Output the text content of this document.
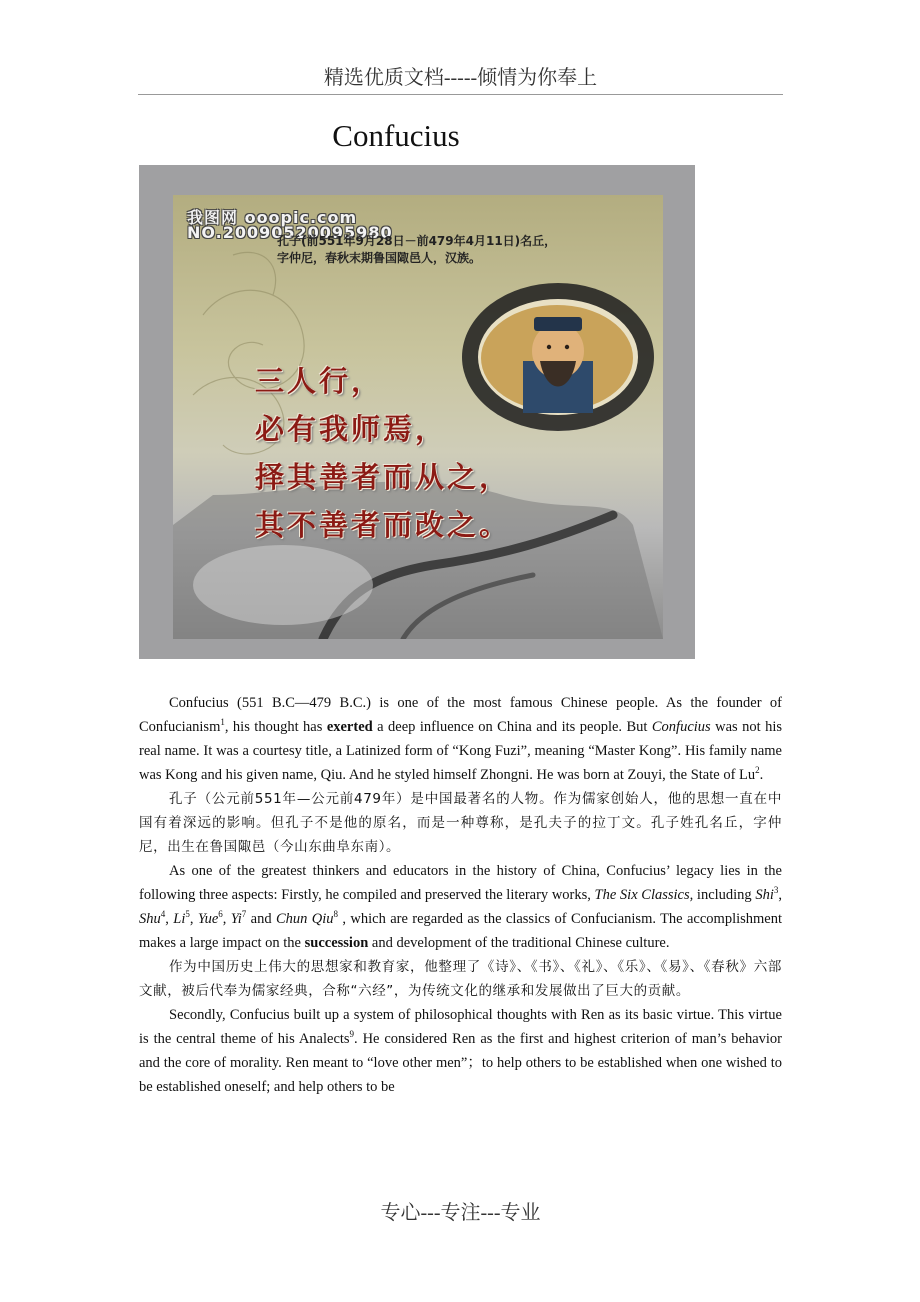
精选优质文档-----倾情为你奉上
Confucius
我图网 ooopic.com
NO.20090520095980
孔子(前551年9月28日－前479年4月11日)名丘，
字仲尼，春秋末期鲁国陬邑人，汉族。
三人行，
必有我师焉，
择其善者而从之，
其不善者而改之。

Confucius (551 B.C—479 B.C.) is one of the most famous Chinese people. As the founder of Confucianism$^1$, his thought has exerted a deep influence on China and its people. But Confucius was not his real name. It was a courtesy title, a Latinized form of “Kong Fuzi”, meaning “Master Kong”. His family name was Kong and his given name, Qiu. And he styled himself Zhongni. He was born at Zouyi, the State of Lu$^2$.

孔子（公元前551年—公元前479年）是中国最著名的人物。作为儒家创始人，他的思想一直在中国有着深远的影响。但孔子不是他的原名，而是一种尊称，是孔夫子的拉丁文。孔子姓孔名丘，字仲尼，出生在鲁国陬邑（今山东曲阜东南）。

As one of the greatest thinkers and educators in the history of China, Confucius’ legacy lies in the following three aspects: Firstly, he compiled and preserved the literary works, The Six Classics, including Shi$^3$, Shu$^4$, Li$^5$, Yue$^6$, Yi$^7$ and Chun Qiu$^8$ , which are regarded as the classics of Confucianism. The accomplishment makes a large impact on the succession and development of the traditional Chinese culture.

作为中国历史上伟大的思想家和教育家，他整理了《诗》、《书》、《礼》、《乐》、《易》、《春秋》六部文献，被后代奉为儒家经典，合称“六经”，为传统文化的继承和发展做出了巨大的贡献。

Secondly, Confucius built up a system of philosophical thoughts with Ren as its basic virtue. This virtue is the central theme of his Analects$^9$. He considered Ren as the first and highest criterion of man’s behavior and the core of morality. Ren meant to “love other men”；to help others to be established when one wished to be established oneself; and help others to be

专心---专注---专业
